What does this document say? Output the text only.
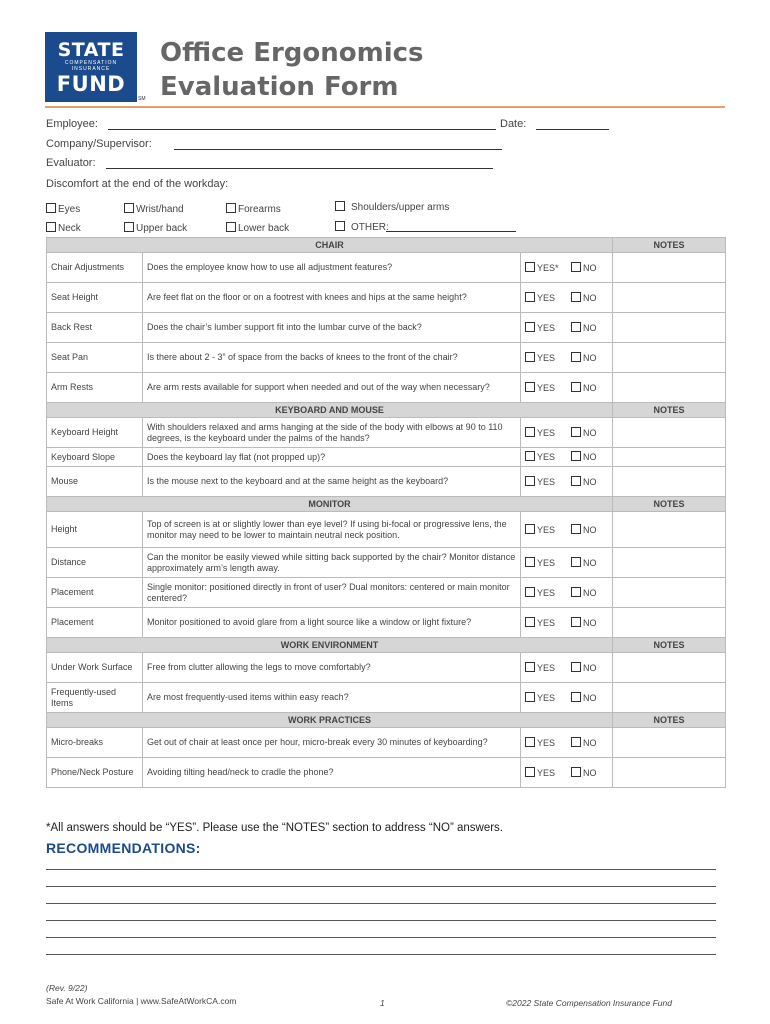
STATE
COMPENSATION INSURANCE
FUND
SM
Office Ergonomics
Evaluation Form
Employee:	Date:
Company/Supervisor:
Evaluator:
Discomfort at the end of the workday:
Eyes	Wrist/hand	Forearms	Shoulders/upper arms
Neck	Upper back	Lower back	OTHER:
CHAIR			NOTES
Chair Adjustments	Does the employee know how to use all adjustment features?	YES* NO	
Seat Height	Are feet flat on the floor or on a footrest with knees and hips at the same height?	YES NO	
Back Rest	Does the chair’s lumber support fit into the lumbar curve of the back?	YES NO	
Seat Pan	Is there about 2 - 3” of space from the backs of knees to the front of the chair?	YES NO	
Arm Rests	Are arm rests available for support when needed and out of the way when necessary?	YES NO	
KEYBOARD AND MOUSE			NOTES
Keyboard Height	With shoulders relaxed and arms hanging at the side of the body with elbows at 90 to 110 degrees, is the keyboard under the palms of the hands?	YES NO	
Keyboard Slope	Does the keyboard lay flat (not propped up)?	YES NO	
Mouse	Is the mouse next to the keyboard and at the same height as the keyboard?	YES NO	
MONITOR			NOTES
Height	Top of screen is at or slightly lower than eye level? If using bi-focal or progressive lens, the monitor may need to be lower to maintain neutral neck position.	YES NO	
Distance	Can the monitor be easily viewed while sitting back supported by the chair? Monitor distance approximately arm’s length away.	YES NO	
Placement	Single monitor: positioned directly in front of user? Dual monitors: centered or main monitor centered?	YES NO	
Placement	Monitor positioned to avoid glare from a light source like a window or light fixture?	YES NO	
WORK ENVIRONMENT			NOTES
Under Work Surface	Free from clutter allowing the legs to move comfortably?	YES NO	
Frequently-used Items	Are most frequently-used items within easy reach?	YES NO	
WORK PRACTICES			NOTES
Micro-breaks	Get out of chair at least once per hour, micro-break every 30 minutes of keyboarding?	YES NO	
Phone/Neck Posture	Avoiding tilting head/neck to cradle the phone?	YES NO	
*All answers should be “YES”. Please use the “NOTES” section to address “NO” answers.
RECOMMENDATIONS:
(Rev. 9/22)
Safe At Work California | www.SafeAtWorkCA.com	1	©2022 State Compensation Insurance Fund
